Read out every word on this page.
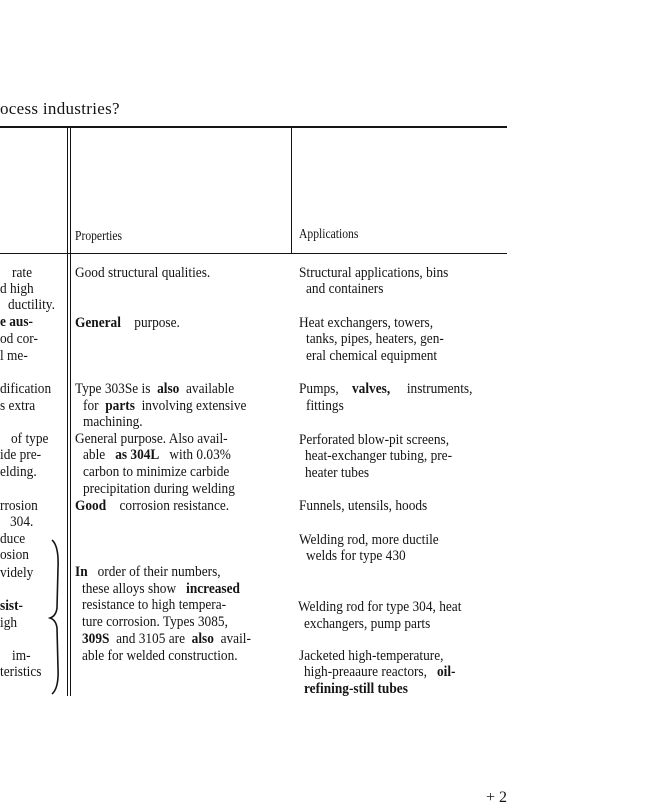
ocess industries?
Properties	Applications
rate
d high
ductility.
e aus-
od cor-
l me-
dification
s extra
of type
ide pre-
elding.
rrosion
304.
duce
osion
videly
sist-
igh
im-
teristics
Good structural qualities.
General purpose.
Type 303Se is also available
for parts involving extensive
machining.
General purpose. Also avail-
able as 304L with 0.03%
carbon to minimize carbide
precipitation during welding
Good corrosion resistance.
In order of their numbers,
these alloys show increased
resistance to high tempera-
ture corrosion. Types 3085,
309S and 3105 are also avail-
able for welded construction.
Structural applications, bins
and containers
Heat exchangers, towers,
tanks, pipes, heaters, gen-
eral chemical equipment
Pumps, valves, instruments,
fittings
Perforated blow-pit screens,
heat-exchanger tubing, pre-
heater tubes
Funnels, utensils, hoods
Welding rod, more ductile
welds for type 430
Welding rod for type 304, heat
exchangers, pump parts
Jacketed high-temperature,
high-preaaure reactors, oil-
refining-still tubes
+ 2
